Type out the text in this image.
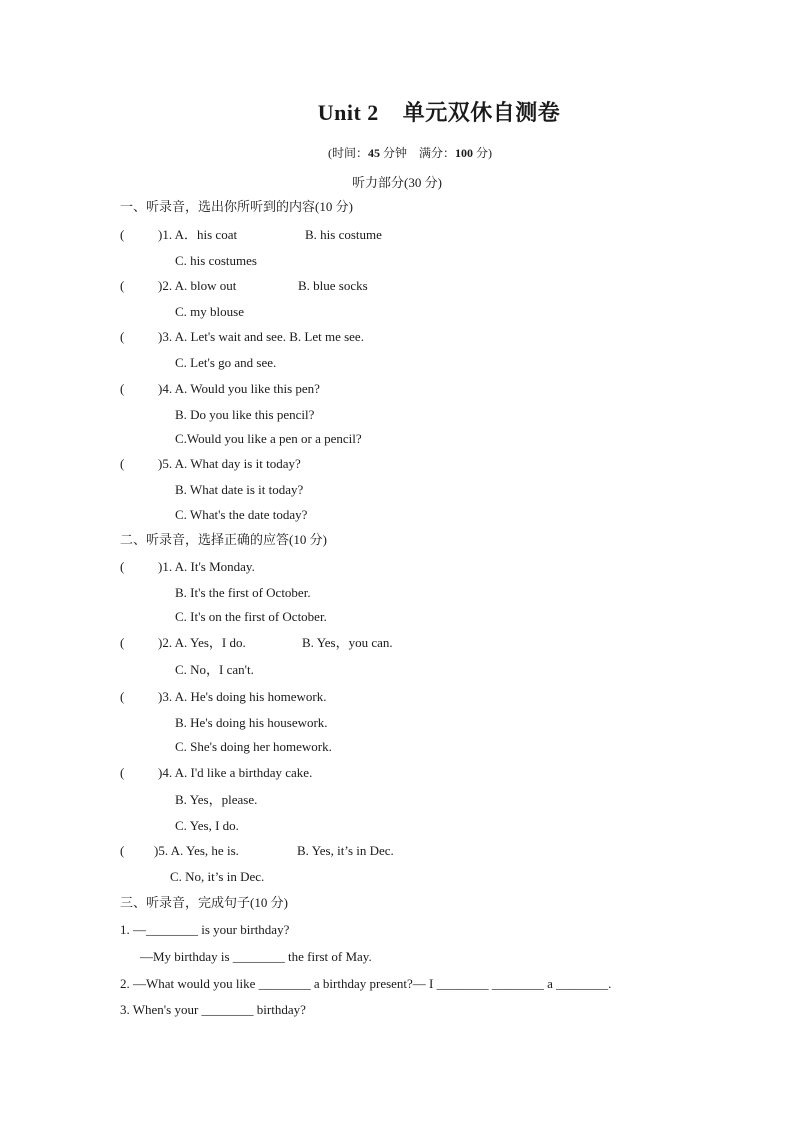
Unit 2 单元双休自测卷
(时间：45 分钟 满分：100 分)
听力部分(30 分)
一、听录音，选出你所听到的内容(10 分)
(	)1. A．his coat	B. his costume
C. his costumes
(	)2. A. blow out	B. blue socks
C. my blouse
(	)3. A. Let's wait and see. B. Let me see.
C. Let's go and see.
(	)4. A. Would you like this pen?
B. Do you like this pencil?
C.Would you like a pen or a pencil?
(	)5. A. What day is it today?
B. What date is it today?
C. What's the date today?
二、听录音，选择正确的应答(10 分)
(	)1. A. It's Monday.
B. It's the first of October.
C. It's on the first of October.
(	)2. A. Yes，I do.	B. Yes，you can.
C. No，I can't.
(	)3. A. He's doing his homework.
B. He's doing his housework.
C. She's doing her homework.
(	)4. A. I'd like a birthday cake.
B. Yes，please.
C. Yes, I do.
( )5. A. Yes, he is.	B. Yes, it’s in Dec.
C. No, it’s in Dec.
三、听录音，完成句子(10 分)
1. —________ is your birthday?
—My birthday is ________ the first of May.
2. —What would you like ________ a birthday present?— I ________ ________ a ________.
3. When's your ________ birthday?
